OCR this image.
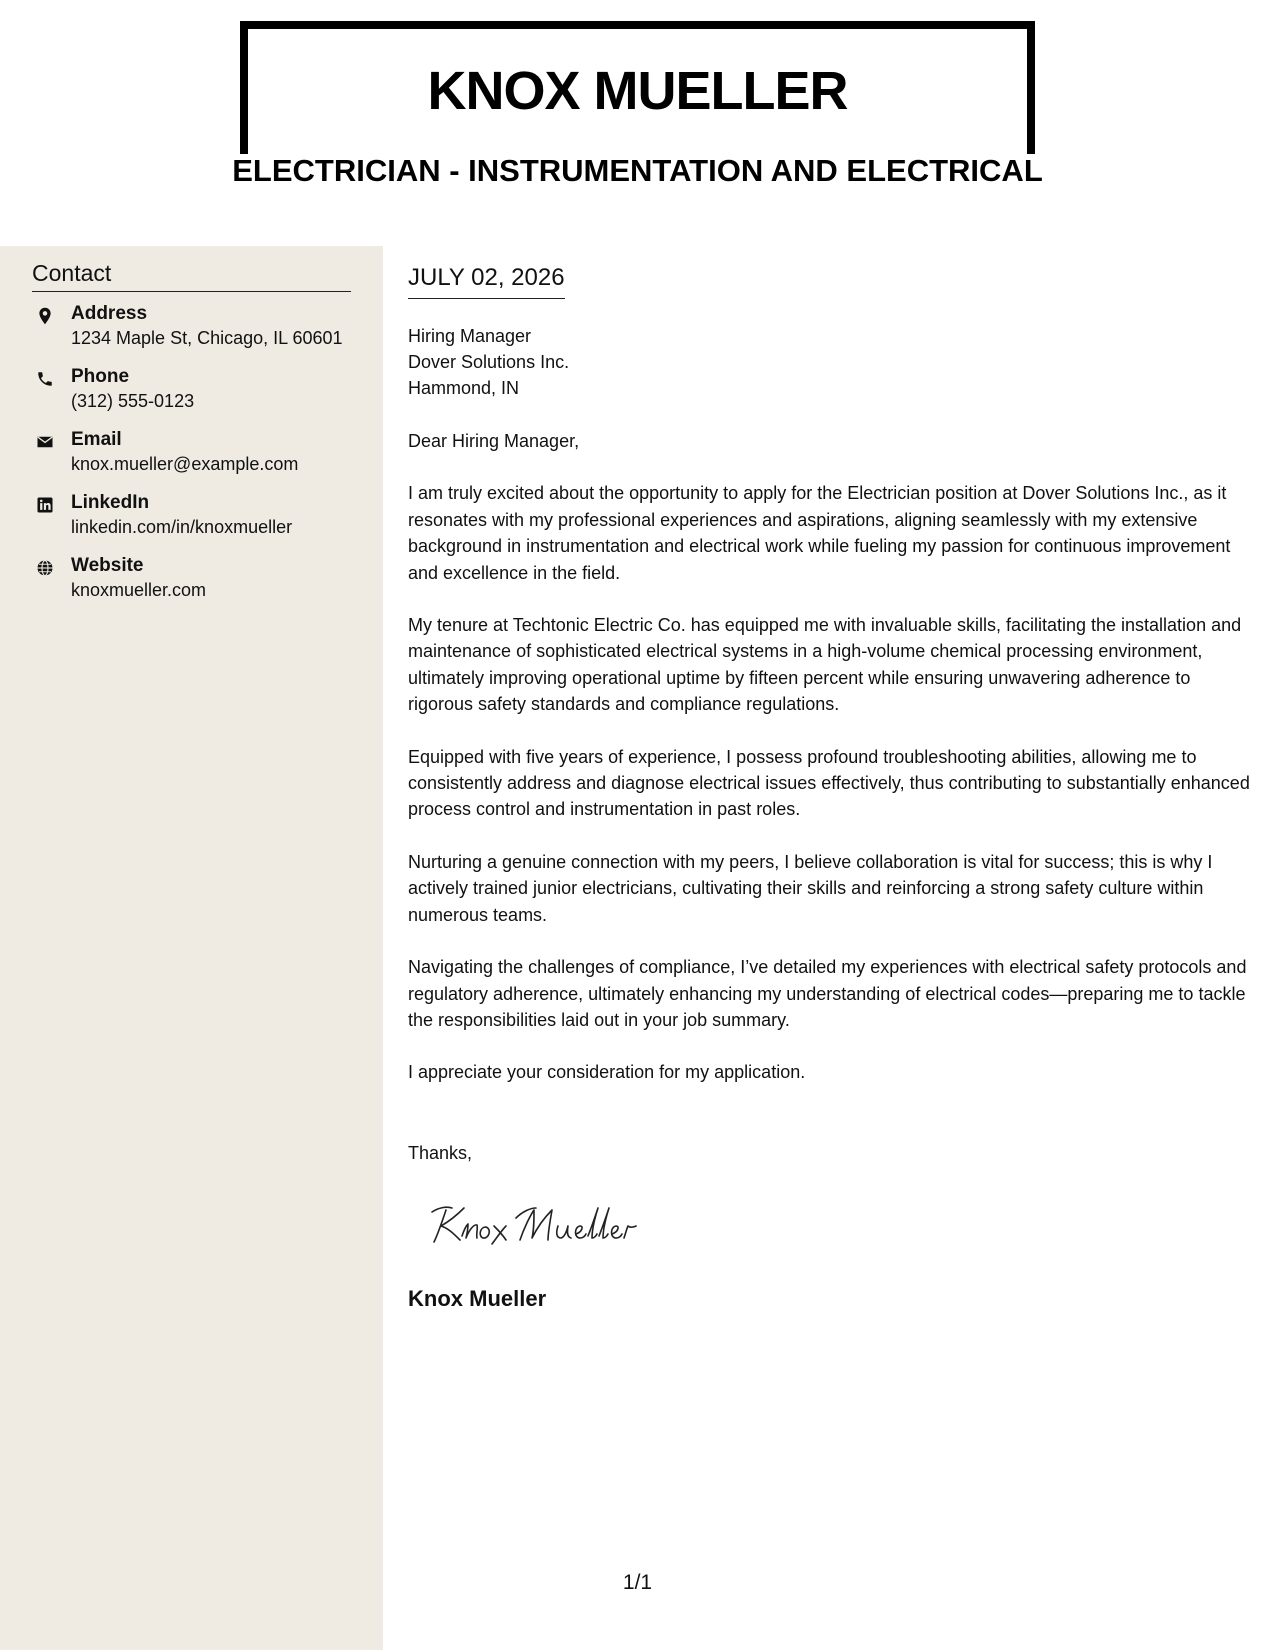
KNOX MUELLER
ELECTRICIAN - INSTRUMENTATION AND ELECTRICAL
Contact
Address
1234 Maple St, Chicago, IL 60601
Phone
(312) 555-0123
Email
knox.mueller@example.com
LinkedIn
linkedin.com/in/knoxmueller
Website
knoxmueller.com
JULY 02, 2026
Hiring Manager
Dover Solutions Inc.
Hammond, IN

Dear Hiring Manager,

I am truly excited about the opportunity to apply for the Electrician position at Dover Solutions Inc., as it resonates with my professional experiences and aspirations, aligning seamlessly with my extensive background in instrumentation and electrical work while fueling my passion for continuous improvement and excellence in the field.

My tenure at Techtonic Electric Co. has equipped me with invaluable skills, facilitating the installation and maintenance of sophisticated electrical systems in a high-volume chemical processing environment, ultimately improving operational uptime by fifteen percent while ensuring unwavering adherence to rigorous safety standards and compliance regulations.

Equipped with five years of experience, I possess profound troubleshooting abilities, allowing me to consistently address and diagnose electrical issues effectively, thus contributing to substantially enhanced process control and instrumentation in past roles.

Nurturing a genuine connection with my peers, I believe collaboration is vital for success; this is why I actively trained junior electricians, cultivating their skills and reinforcing a strong safety culture within numerous teams.

Navigating the challenges of compliance, I’ve detailed my experiences with electrical safety protocols and regulatory adherence, ultimately enhancing my understanding of electrical codes—preparing me to tackle the responsibilities laid out in your job summary.

I appreciate your consideration for my application.

Thanks,
Knox Mueller
1/1
